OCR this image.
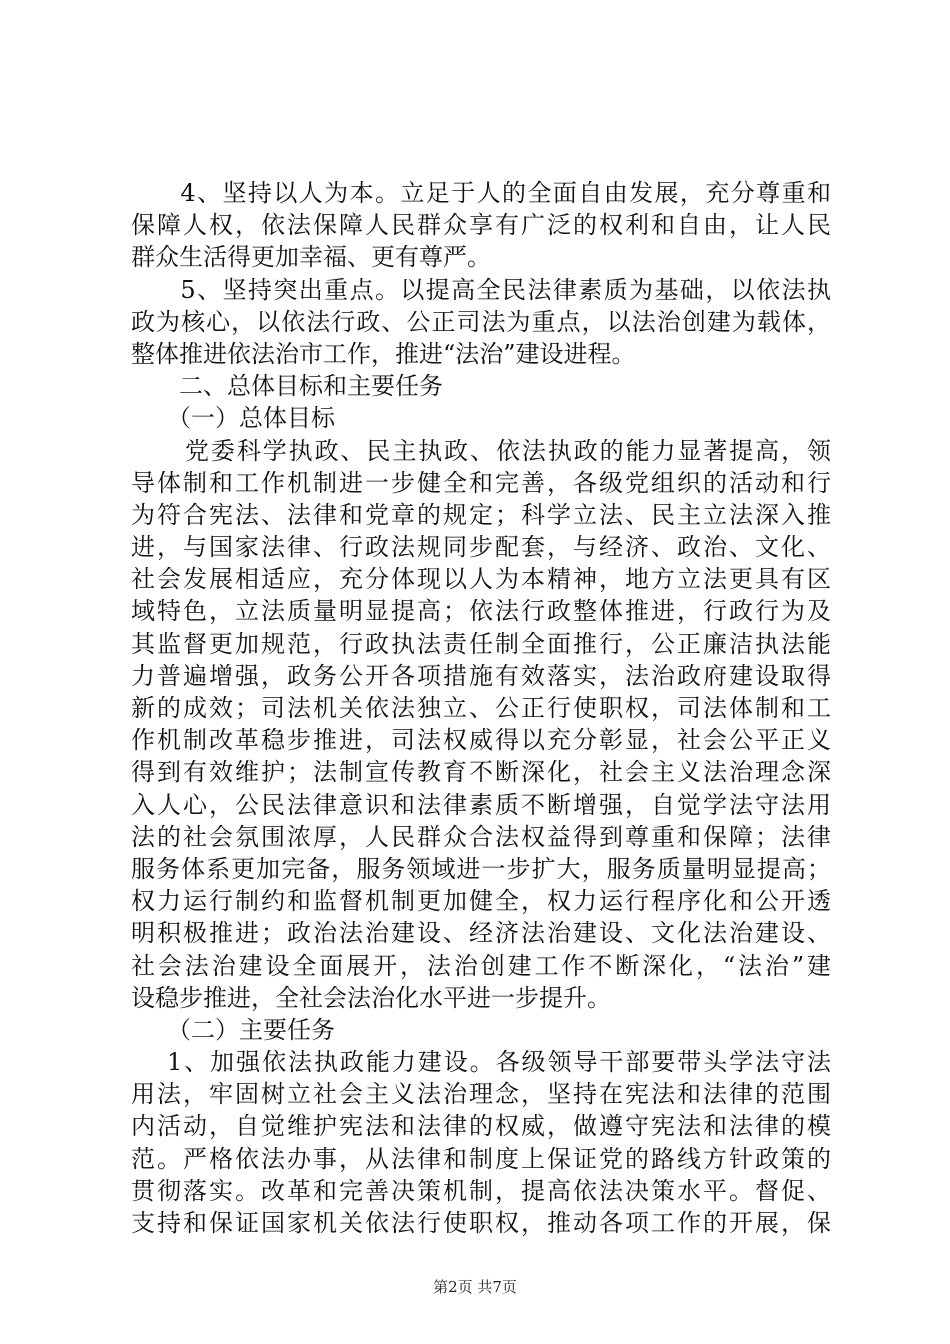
　4、坚持以人为本。立足于人的全面自由发展，充分尊重和
保障人权，依法保障人民群众享有广泛的权利和自由，让人民
群众生活得更加幸福、更有尊严。
　5、坚持突出重点。以提高全民法律素质为基础，以依法执
政为核心，以依法行政、公正司法为重点，以法治创建为载体，
整体推进依法治市工作，推进“法治”建设进程。
二、总体目标和主要任务
（一）总体目标
党委科学执政、民主执政、依法执政的能力显著提高，领
导体制和工作机制进一步健全和完善，各级党组织的活动和行
为符合宪法、法律和党章的规定；科学立法、民主立法深入推
进，与国家法律、行政法规同步配套，与经济、政治、文化、
社会发展相适应，充分体现以人为本精神，地方立法更具有区
域特色，立法质量明显提高；依法行政整体推进，行政行为及
其监督更加规范，行政执法责任制全面推行，公正廉洁执法能
力普遍增强，政务公开各项措施有效落实，法治政府建设取得
新的成效；司法机关依法独立、公正行使职权，司法体制和工
作机制改革稳步推进，司法权威得以充分彰显，社会公平正义
得到有效维护；法制宣传教育不断深化，社会主义法治理念深
入人心，公民法律意识和法律素质不断增强，自觉学法守法用
法的社会氛围浓厚，人民群众合法权益得到尊重和保障；法律
服务体系更加完备，服务领域进一步扩大，服务质量明显提高；
权力运行制约和监督机制更加健全，权力运行程序化和公开透
明积极推进；政治法治建设、经济法治建设、文化法治建设、
社会法治建设全面展开，法治创建工作不断深化，“法治”建
设稳步推进，全社会法治化水平进一步提升。
（二）主要任务
1、加强依法执政能力建设。各级领导干部要带头学法守法
用法，牢固树立社会主义法治理念，坚持在宪法和法律的范围
内活动，自觉维护宪法和法律的权威，做遵守宪法和法律的模
范。严格依法办事，从法律和制度上保证党的路线方针政策的
贯彻落实。改革和完善决策机制，提高依法决策水平。督促、
支持和保证国家机关依法行使职权，推动各项工作的开展，保
第2页 共7页
